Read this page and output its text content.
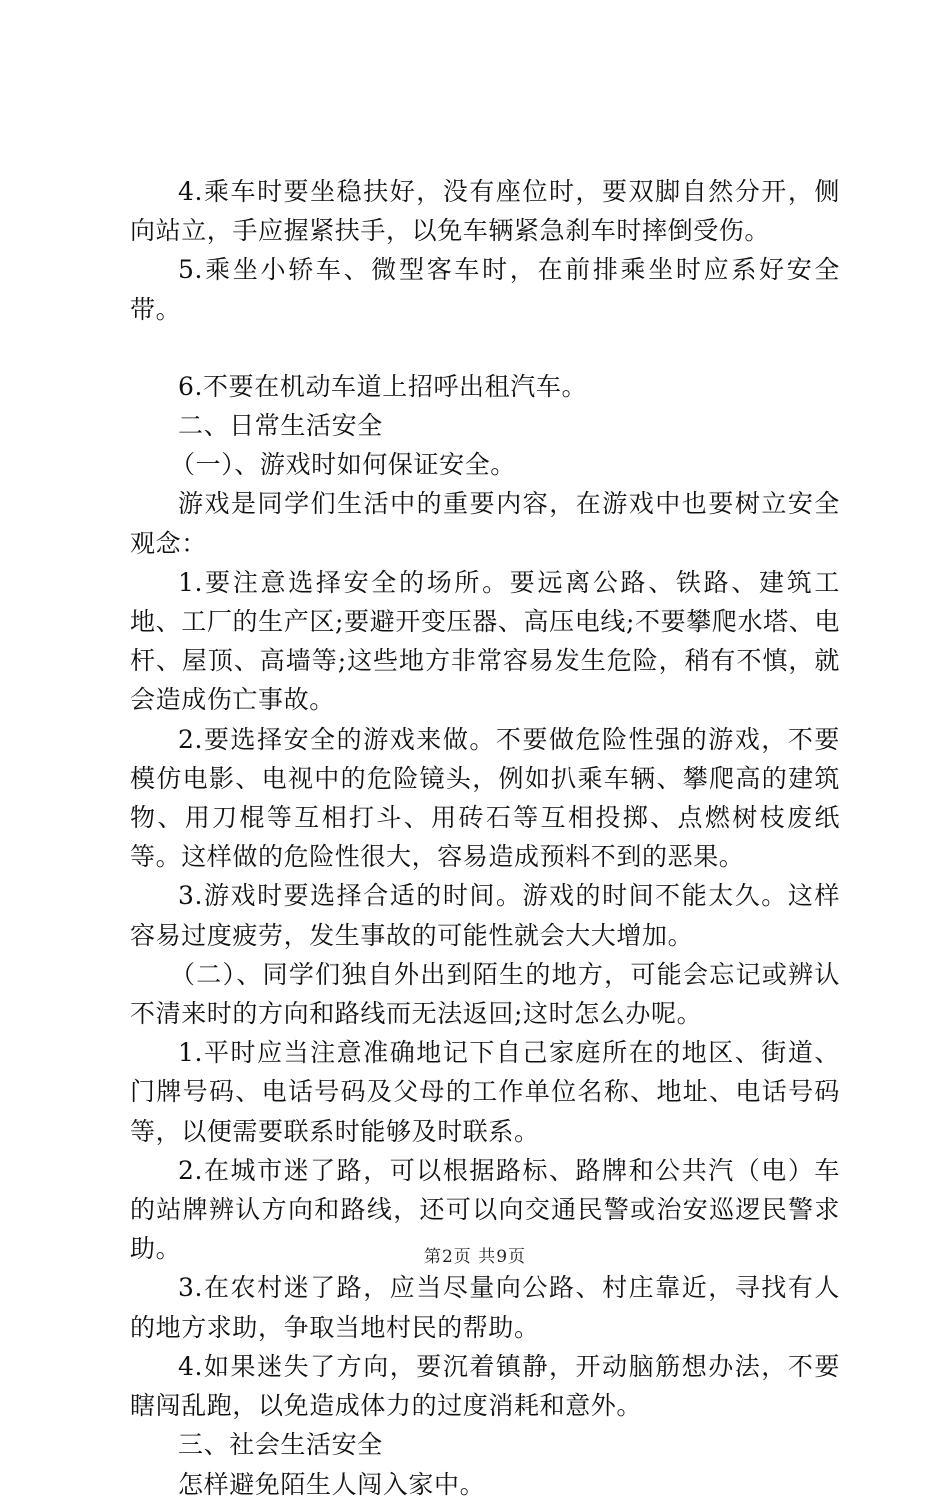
4.乘车时要坐稳扶好，没有座位时，要双脚自然分开，侧向站立，手应握紧扶手，以免车辆紧急刹车时摔倒受伤。

5.乘坐小轿车、微型客车时，在前排乘坐时应系好安全带。

6.不要在机动车道上招呼出租汽车。

二、日常生活安全

（一）、游戏时如何保证安全。

游戏是同学们生活中的重要内容，在游戏中也要树立安全观念：

1.要注意选择安全的场所。要远离公路、铁路、建筑工地、工厂的生产区;要避开变压器、高压电线;不要攀爬水塔、电杆、屋顶、高墙等;这些地方非常容易发生危险，稍有不慎，就会造成伤亡事故。

2.要选择安全的游戏来做。不要做危险性强的游戏，不要模仿电影、电视中的危险镜头，例如扒乘车辆、攀爬高的建筑物、用刀棍等互相打斗、用砖石等互相投掷、点燃树枝废纸等。这样做的危险性很大，容易造成预料不到的恶果。

3.游戏时要选择合适的时间。游戏的时间不能太久。这样容易过度疲劳，发生事故的可能性就会大大增加。

（二）、同学们独自外出到陌生的地方，可能会忘记或辨认不清来时的方向和路线而无法返回;这时怎么办呢。

1.平时应当注意准确地记下自己家庭所在的地区、街道、门牌号码、电话号码及父母的工作单位名称、地址、电话号码等，以便需要联系时能够及时联系。

2.在城市迷了路，可以根据路标、路牌和公共汽（电）车的站牌辨认方向和路线，还可以向交通民警或治安巡逻民警求助。

3.在农村迷了路，应当尽量向公路、村庄靠近，寻找有人的地方求助，争取当地村民的帮助。

4.如果迷失了方向，要沉着镇静，开动脑筋想办法，不要瞎闯乱跑，以免造成体力的过度消耗和意外。

三、社会生活安全

怎样避免陌生人闯入家中。

第2页 共9页
